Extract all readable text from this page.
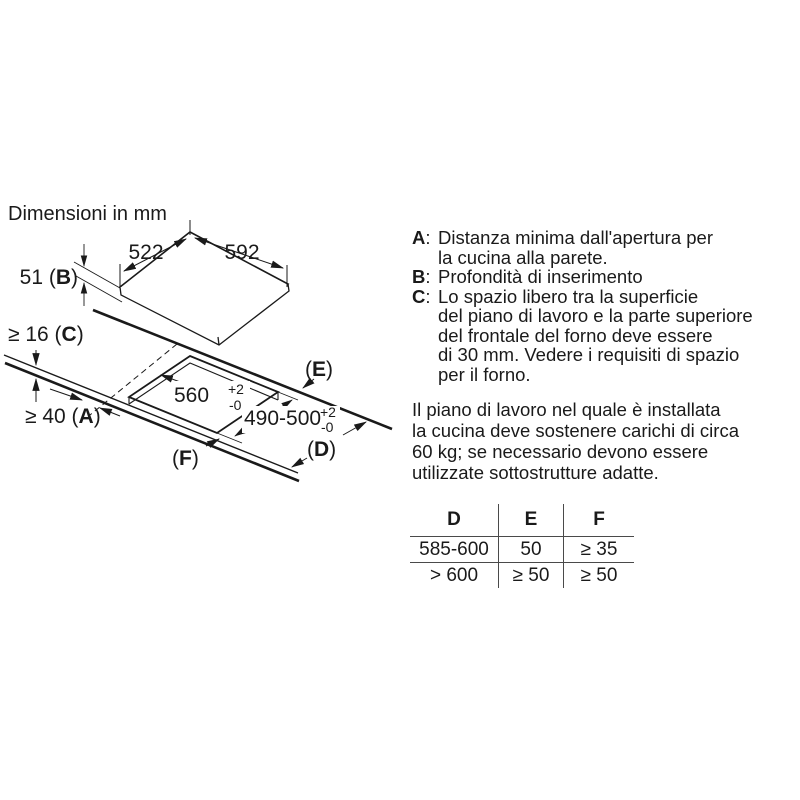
Dimensioni in mm
522	592
51 (B)
≥ 16 (C)
≥ 40 (A)
560 +2
-0
490-500
+2
-0
(E)
(D)
(F)
A : Distanza minima dall'apertura per
la cucina alla parete.
B : Profondità di inserimento
C : Lo spazio libero tra la superficie
del piano di lavoro e la parte superiore
del frontale del forno deve essere
di 30 mm. Vedere i requisiti di spazio
per il forno.
Il piano di lavoro nel quale è installata
la cucina deve sostenere carichi di circa
60 kg; se necessario devono essere
utilizzate sottostrutture adatte.
D	E	F
585-600	50	≥ 35
> 600	≥ 50	≥ 50
